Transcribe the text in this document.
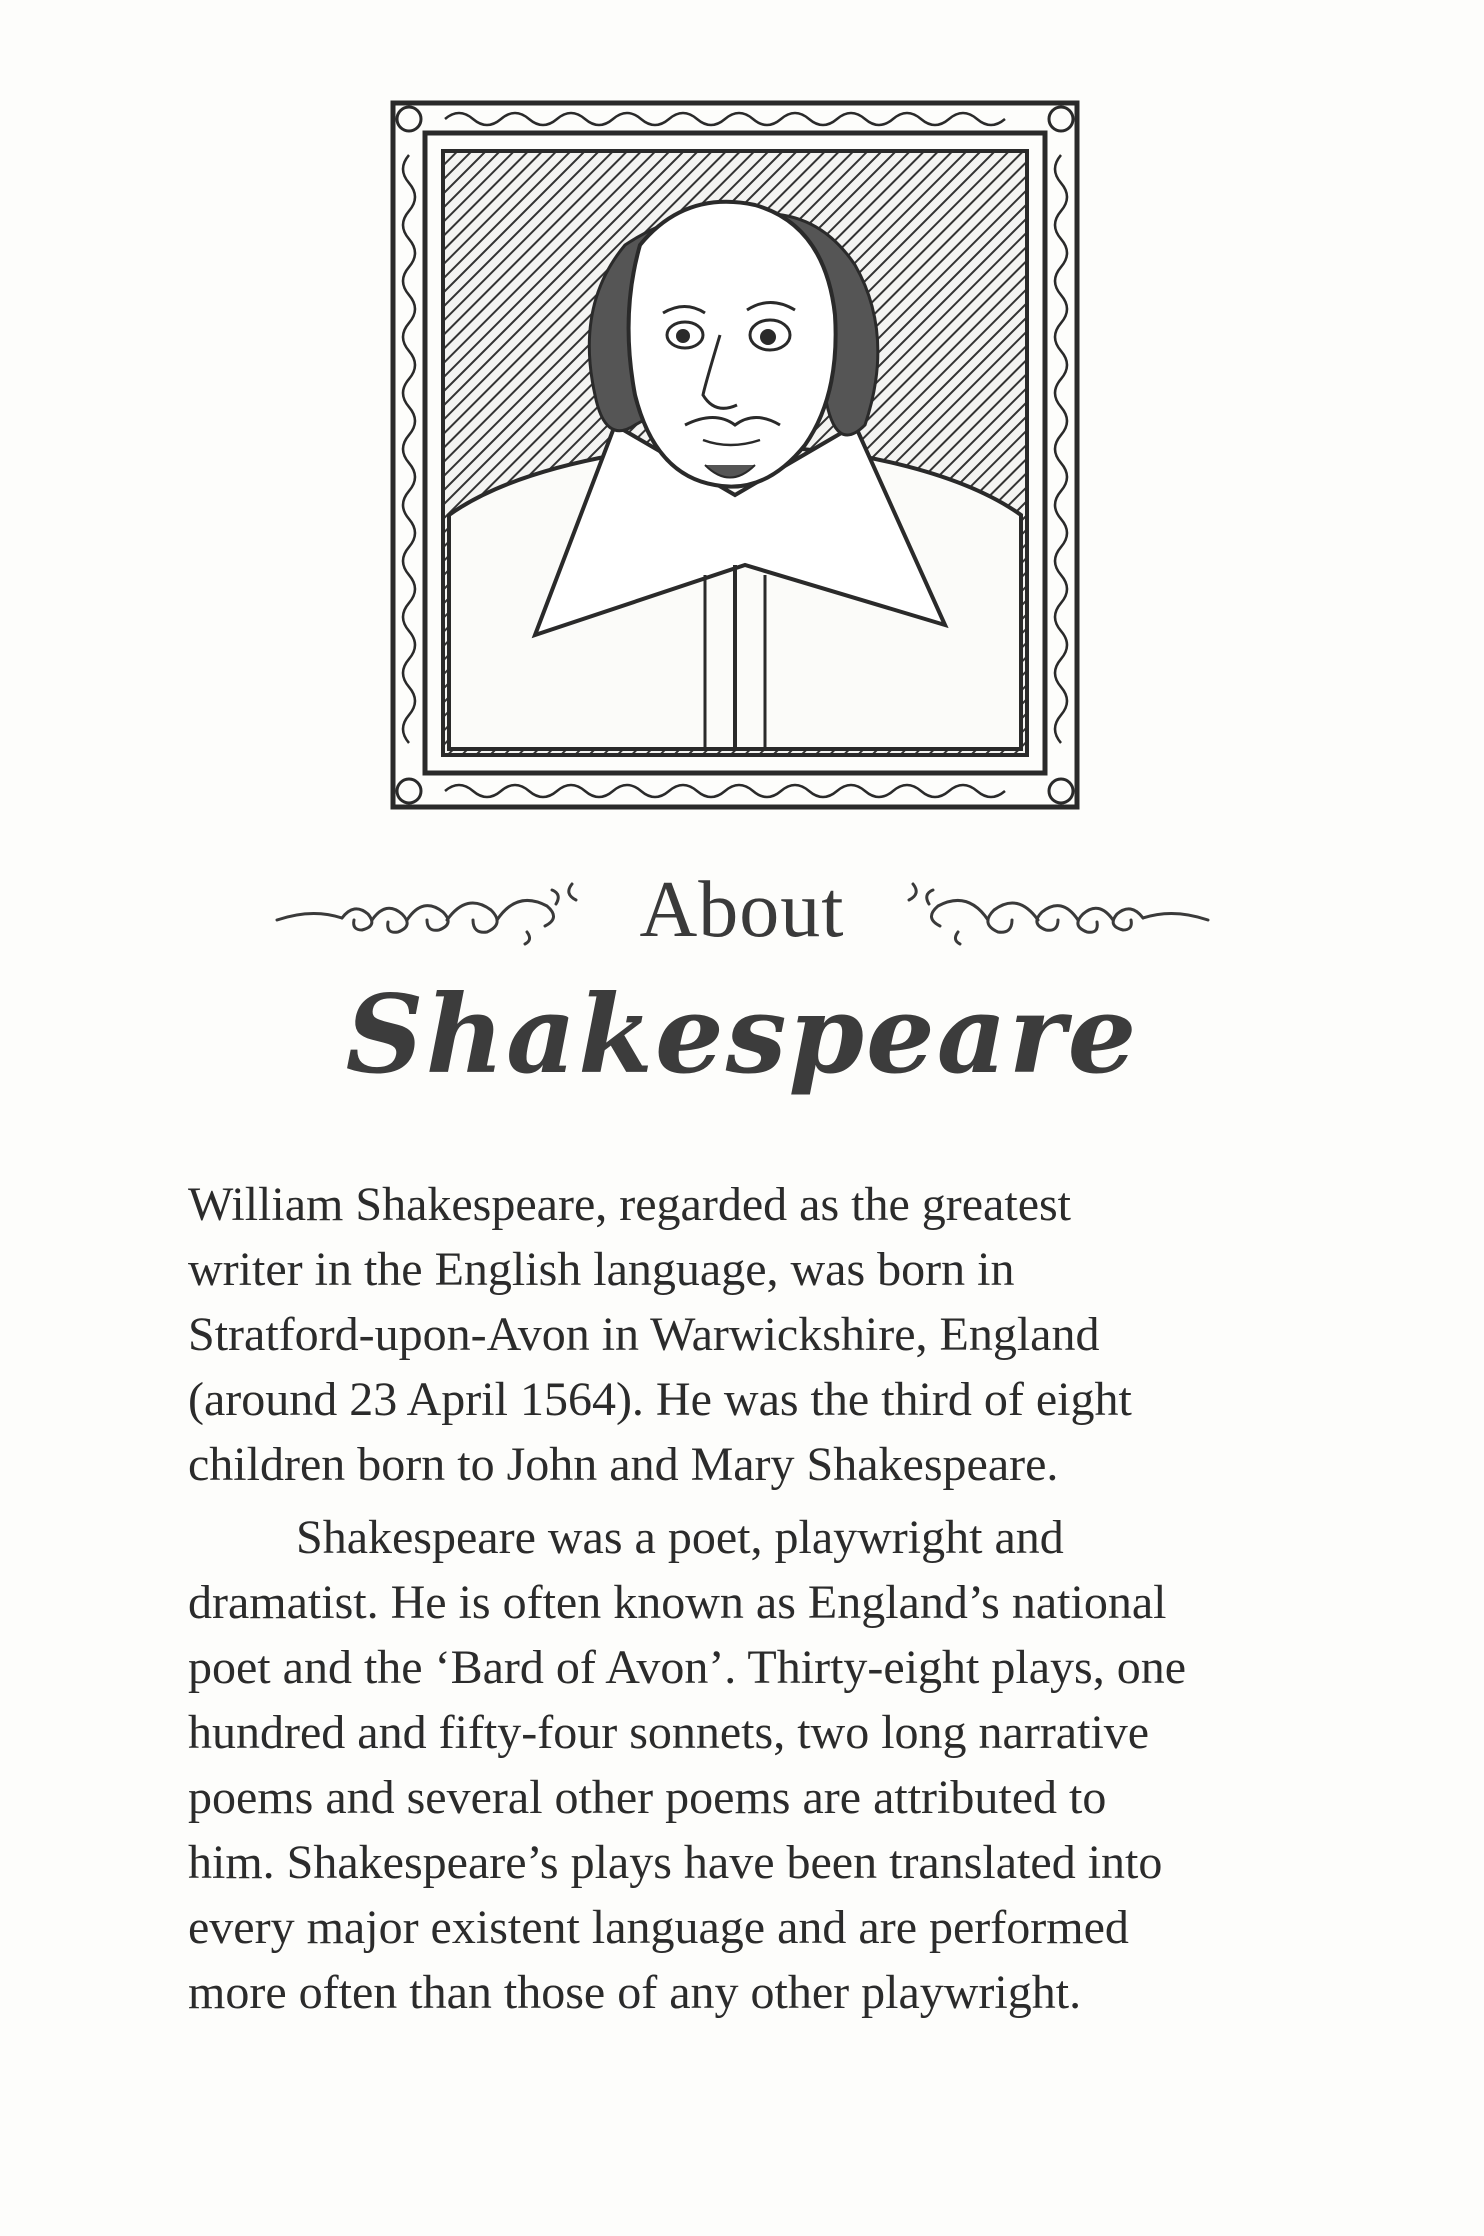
About
Shakespeare

William Shakespeare, regarded as the greatest
writer in the English language, was born in
Stratford-upon-Avon in Warwickshire, England
(around 23 April 1564). He was the third of eight
children born to John and Mary Shakespeare.

Shakespeare was a poet, playwright and
dramatist. He is often known as England’s national
poet and the ‘Bard of Avon’. Thirty-eight plays, one
hundred and fifty-four sonnets, two long narrative
poems and several other poems are attributed to
him. Shakespeare’s plays have been translated into
every major existent language and are performed
more often than those of any other playwright.
